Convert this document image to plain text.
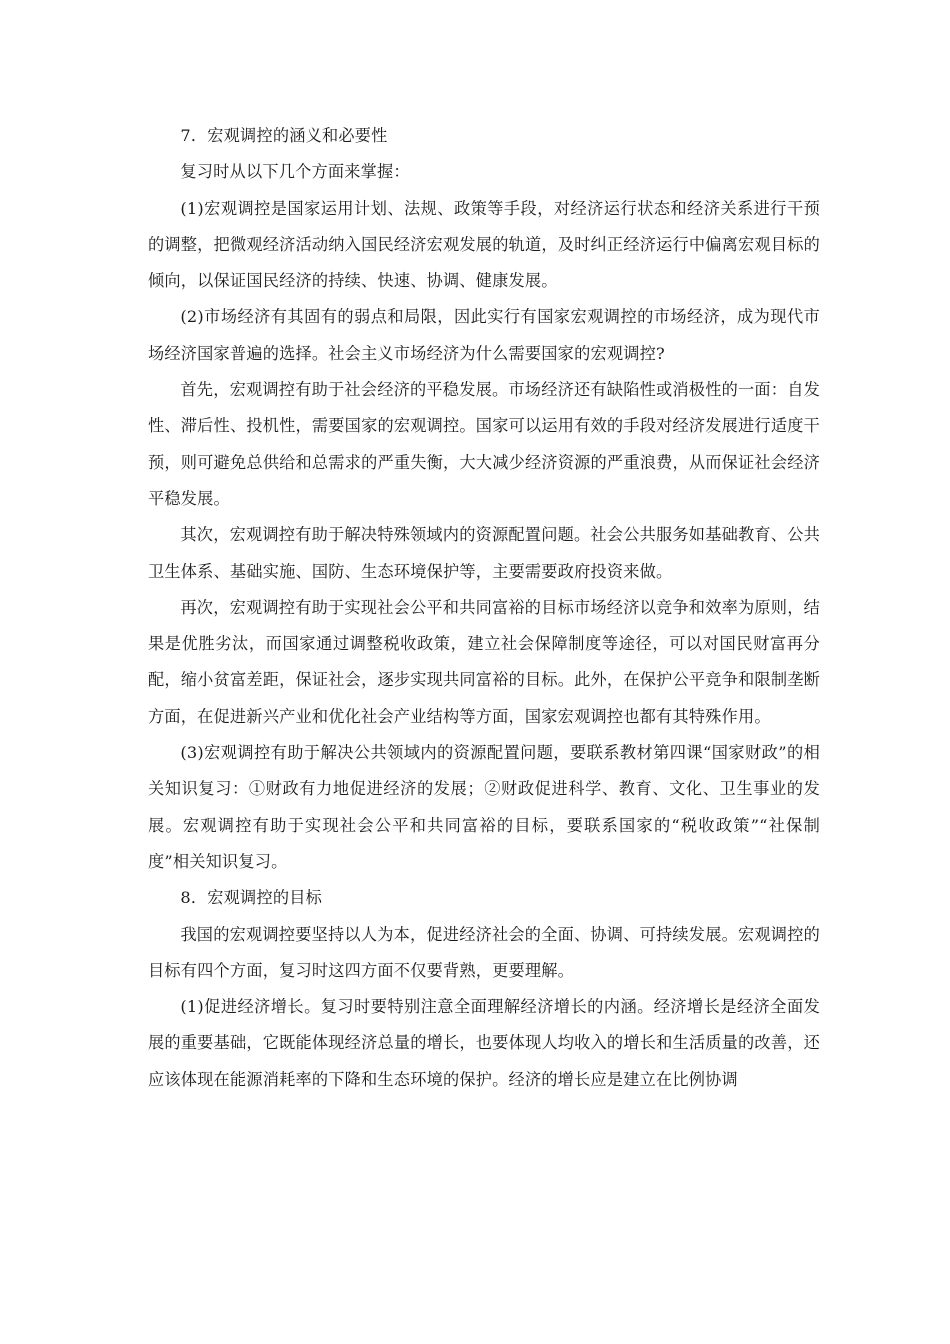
7．宏观调控的涵义和必要性

复习时从以下几个方面来掌握：

(1)宏观调控是国家运用计划、法规、政策等手段，对经济运行状态和经济关系进行干预的调整，把微观经济活动纳入国民经济宏观发展的轨道，及时纠正经济运行中偏离宏观目标的倾向，以保证国民经济的持续、快速、协调、健康发展。

(2)市场经济有其固有的弱点和局限，因此实行有国家宏观调控的市场经济，成为现代市场经济国家普遍的选择。社会主义市场经济为什么需要国家的宏观调控?

首先，宏观调控有助于社会经济的平稳发展。市场经济还有缺陷性或消极性的一面：自发性、滞后性、投机性，需要国家的宏观调控。国家可以运用有效的手段对经济发展进行适度干预，则可避免总供给和总需求的严重失衡，大大减少经济资源的严重浪费，从而保证社会经济平稳发展。

其次，宏观调控有助于解决特殊领域内的资源配置问题。社会公共服务如基础教育、公共卫生体系、基础实施、国防、生态环境保护等，主要需要政府投资来做。

再次，宏观调控有助于实现社会公平和共同富裕的目标市场经济以竞争和效率为原则，结果是优胜劣汰，而国家通过调整税收政策，建立社会保障制度等途径，可以对国民财富再分配，缩小贫富差距，保证社会，逐步实现共同富裕的目标。此外，在保护公平竞争和限制垄断方面，在促进新兴产业和优化社会产业结构等方面，国家宏观调控也都有其特殊作用。

(3)宏观调控有助于解决公共领域内的资源配置问题，要联系教材第四课“国家财政”的相关知识复习：①财政有力地促进经济的发展；②财政促进科学、教育、文化、卫生事业的发展。宏观调控有助于实现社会公平和共同富裕的目标，要联系国家的“税收政策”“社保制度”相关知识复习。

8．宏观调控的目标

我国的宏观调控要坚持以人为本，促进经济社会的全面、协调、可持续发展。宏观调控的目标有四个方面，复习时这四方面不仅要背熟，更要理解。

(1)促进经济增长。复习时要特别注意全面理解经济增长的内涵。经济增长是经济全面发展的重要基础，它既能体现经济总量的增长，也要体现人均收入的增长和生活质量的改善，还应该体现在能源消耗率的下降和生态环境的保护。经济的增长应是建立在比例协调
